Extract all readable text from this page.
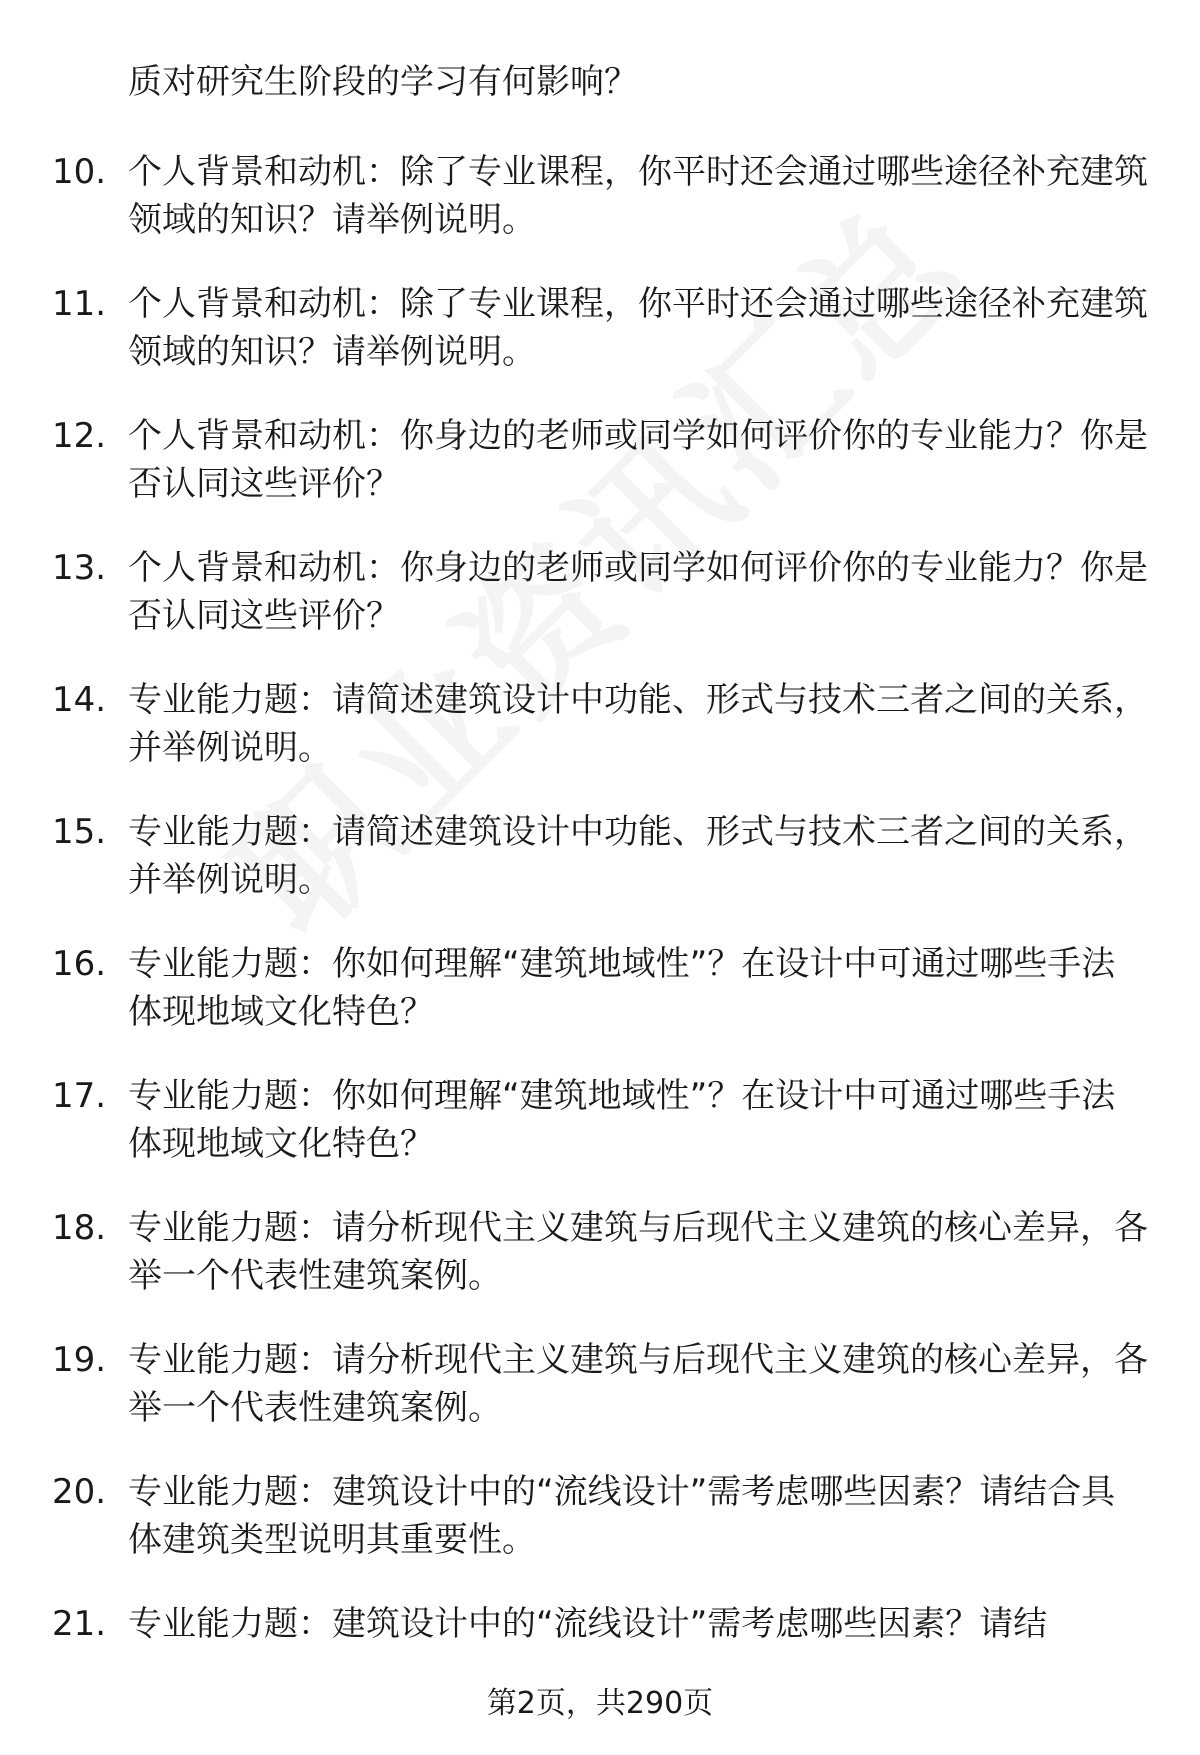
质对研究生阶段的学习有何影响？
10. 个人背景和动机：除了专业课程，你平时还会通过哪些途径补充建筑领域的知识？请举例说明。
11. 个人背景和动机：除了专业课程，你平时还会通过哪些途径补充建筑领域的知识？请举例说明。
12. 个人背景和动机：你身边的老师或同学如何评价你的专业能力？你是否认同这些评价？
13. 个人背景和动机：你身边的老师或同学如何评价你的专业能力？你是否认同这些评价？
14. 专业能力题：请简述建筑设计中功能、形式与技术三者之间的关系，并举例说明。
15. 专业能力题：请简述建筑设计中功能、形式与技术三者之间的关系，并举例说明。
16. 专业能力题：你如何理解“建筑地域性”？在设计中可通过哪些手法体现地域文化特色？
17. 专业能力题：你如何理解“建筑地域性”？在设计中可通过哪些手法体现地域文化特色？
18. 专业能力题：请分析现代主义建筑与后现代主义建筑的核心差异，各举一个代表性建筑案例。
19. 专业能力题：请分析现代主义建筑与后现代主义建筑的核心差异，各举一个代表性建筑案例。
20. 专业能力题：建筑设计中的“流线设计”需考虑哪些因素？请结合具体建筑类型说明其重要性。
21. 专业能力题：建筑设计中的“流线设计”需考虑哪些因素？请结
第2页，共290页
